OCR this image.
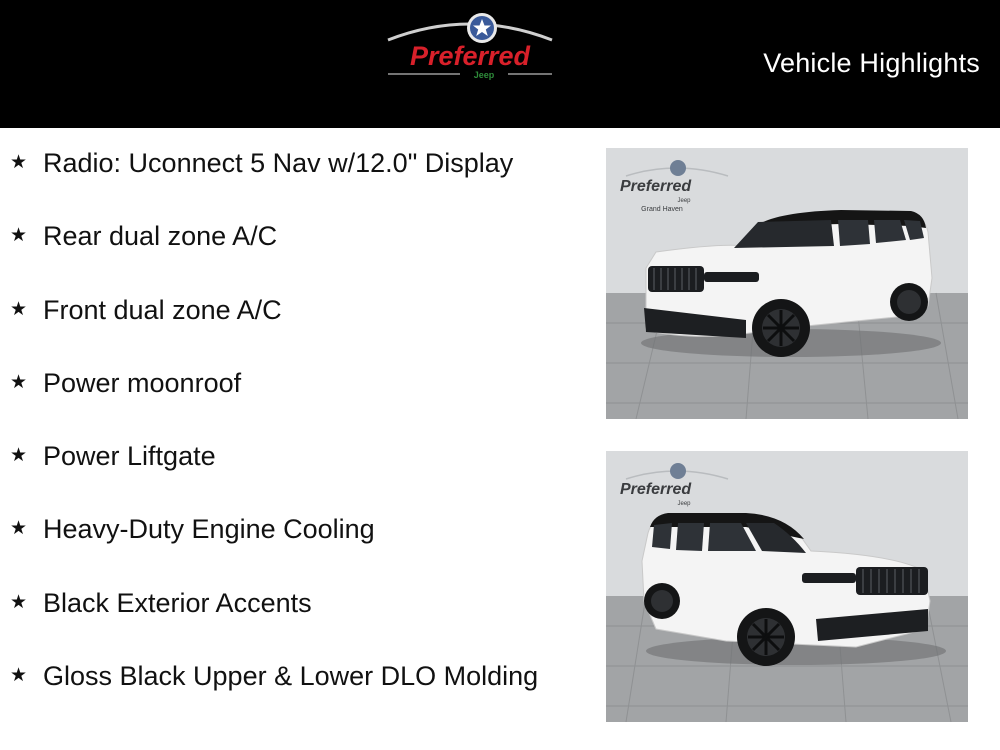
Preferred
Jeep	Vehicle Highlights
★ Radio: Uconnect 5 Nav w/12.0" Display
★ Rear dual zone A/C
★ Front dual zone A/C
★ Power moonroof
★ Power Liftgate
★ Heavy-Duty Engine Cooling
★ Black Exterior Accents
★ Gloss Black Upper & Lower DLO Molding
Preferred
Jeep
Grand Haven
Preferred
Jeep
